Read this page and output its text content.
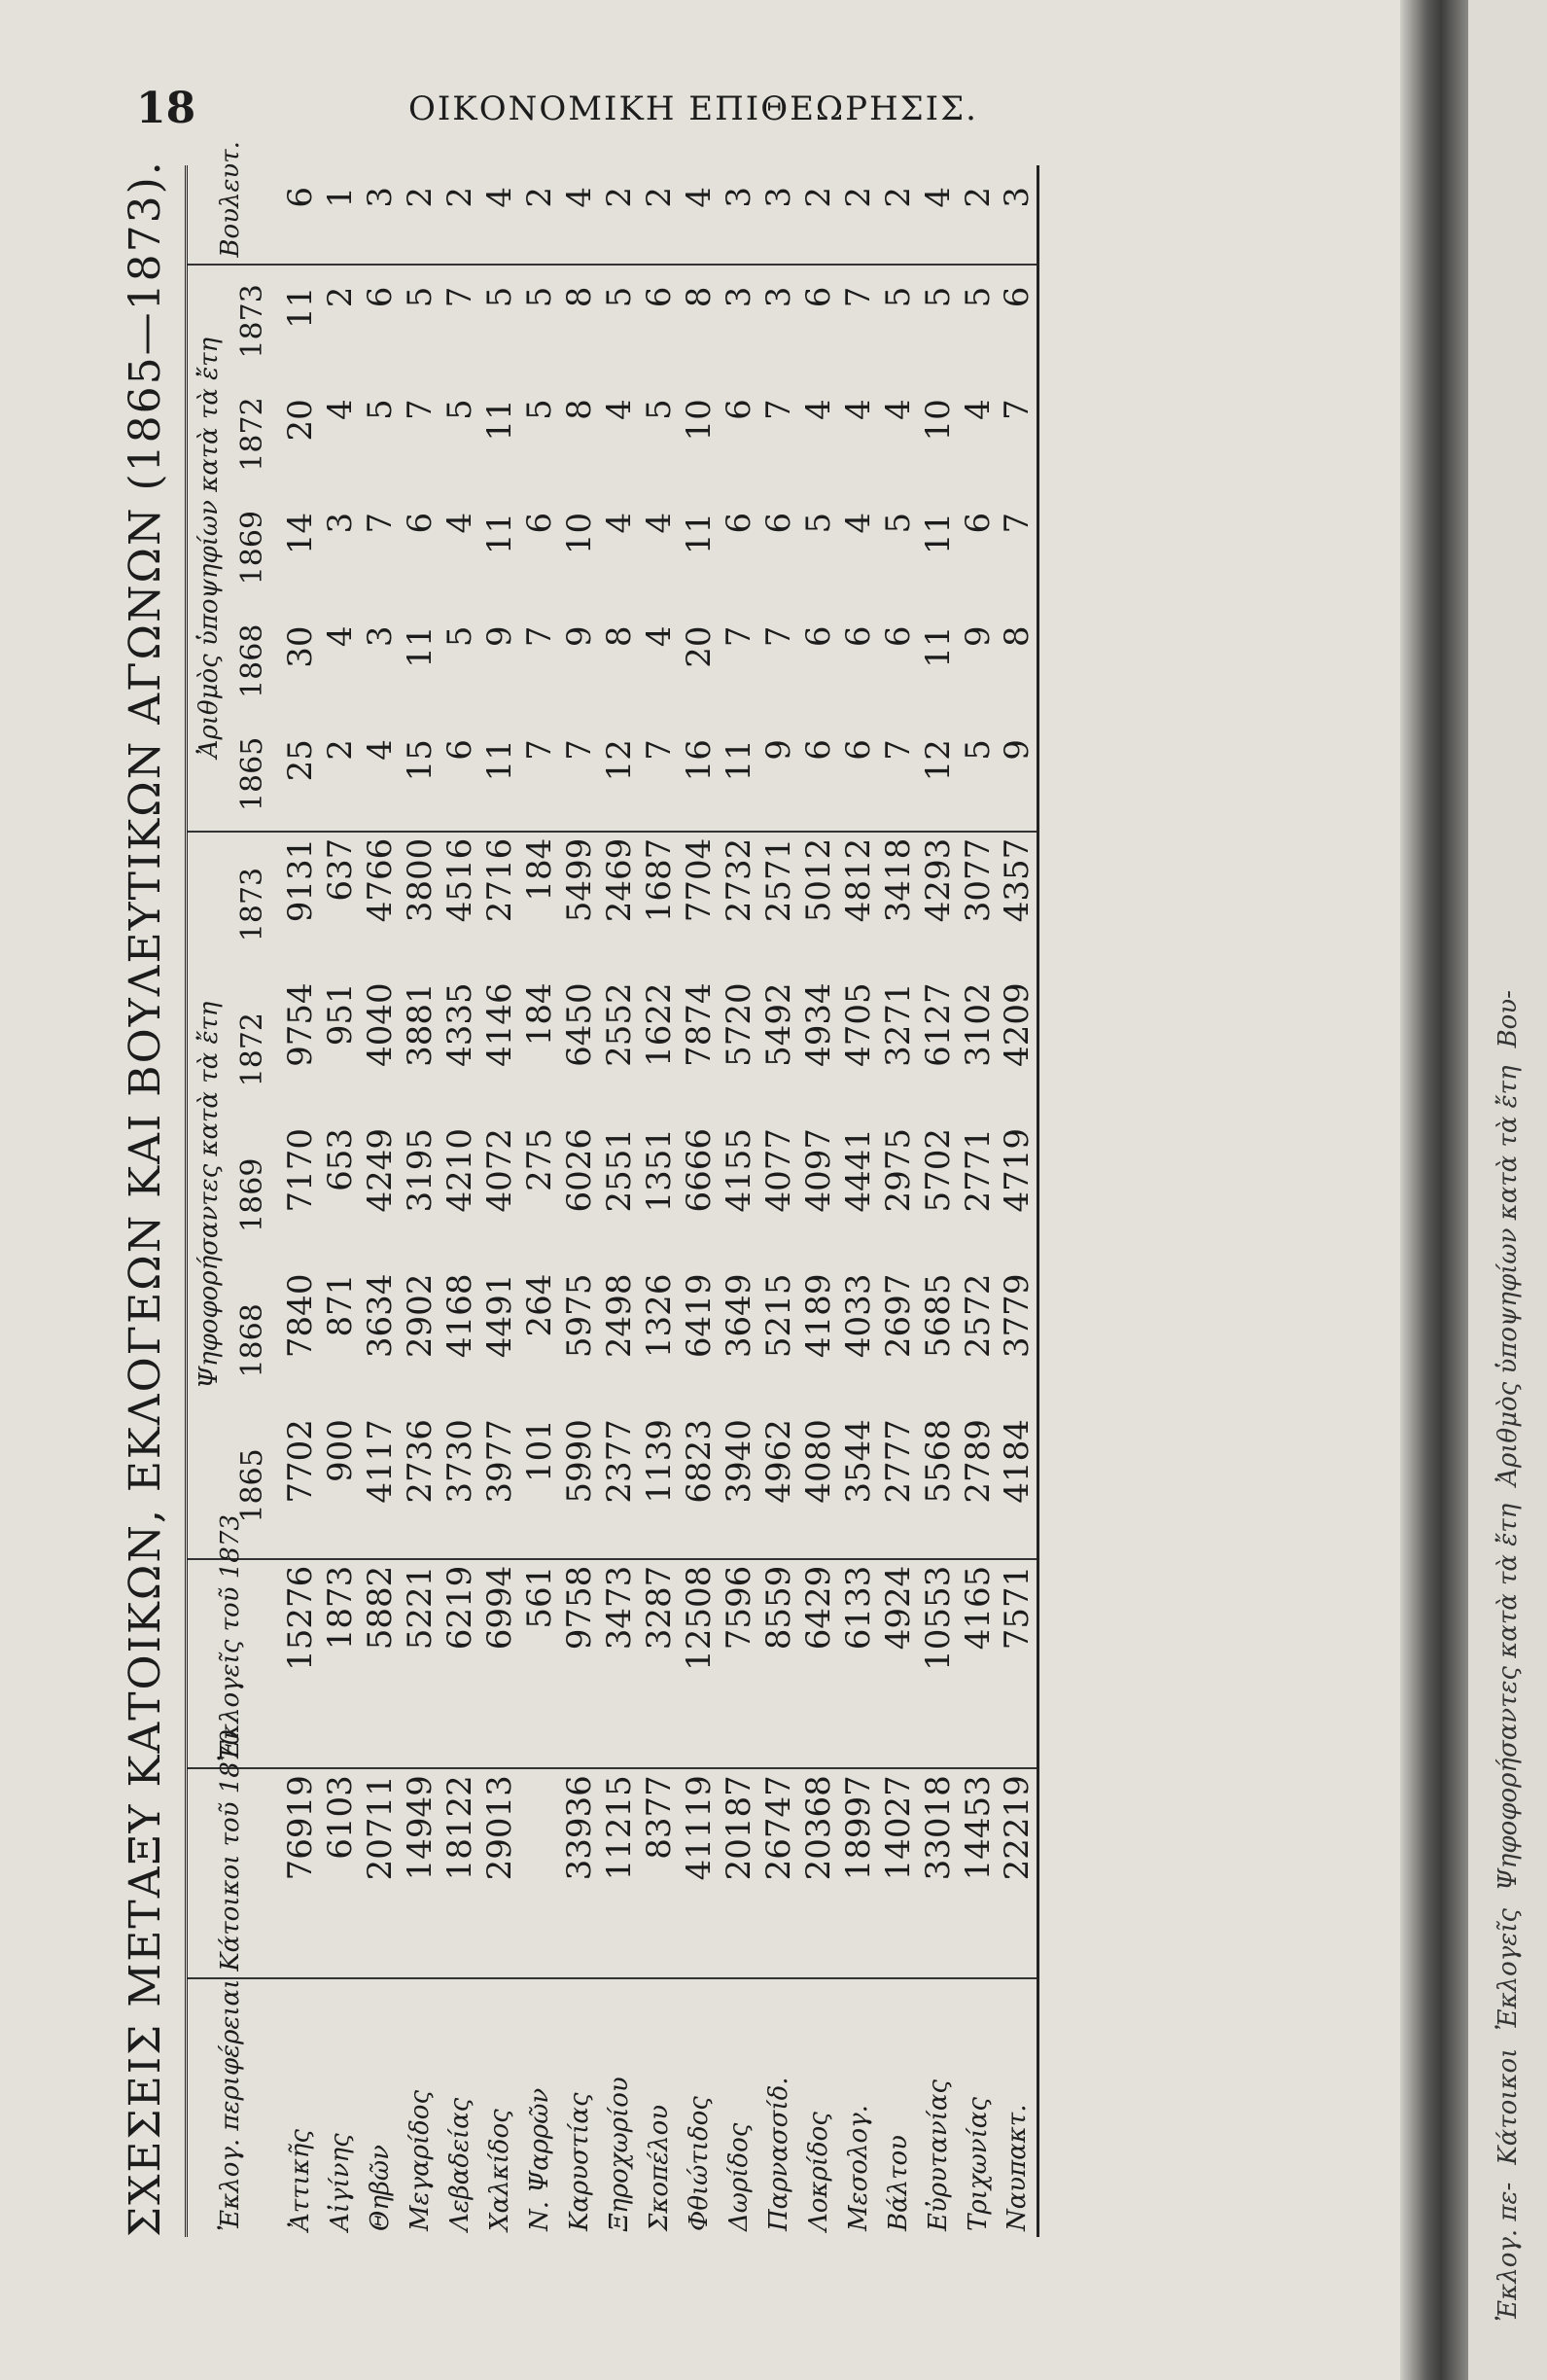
18	ΟΙΚΟΝΟΜΙΚΗ ΕΠΙΘΕΩΡΗΣΙΣ.
ΣΧΕΣΕΙΣ ΜΕΤΑΞΥ ΚΑΤΟΙΚΩΝ, ΕΚΛΟΓΕΩΝ ΚΑΙ ΒΟΥΛΕΥΤΙΚΩΝ ΑΓΩΝΩΝ (1865—1873).	Ἐκλογ. περιφέρειαι	Κάτοικοι τοῦ 1870	Ἐκλογεῖς τοῦ 1873	Ψηφοφορήσαντες κατὰ τὰ ἔτη					Ἀριθμὸς ὑποψηφίων κατὰ τὰ ἔτη					Βουλευτ.
			1865	1868	1869	1872	1873	1865	1868	1869	1872	1873	
Ἀττικῆς	76919	15276	7702	7840	7170	9754	9131	25	30	14	20	11	6
Αἰγίνης	6103	1873	900	871	653	951	637	2	4	3	4	2	1
Θηβῶν	20711	5882	4117	3634	4249	4040	4766	4	3	7	5	6	3
Μεγαρίδος	14949	5221	2736	2902	3195	3881	3800	15	11	6	7	5	2
Λεβαδείας	18122	6219	3730	4168	4210	4335	4516	6	5	4	5	7	2
Χαλκίδος	29013	6994	3977	4491	4072	4146	2716	11	9	11	11	5	4
Ν. Ψαρρῶν		561	101	264	275	184	184	7	7	6	5	5	2
Καρυστίας	33936	9758	5990	5975	6026	6450	5499	7	9	10	8	8	4
Ξηροχωρίου	11215	3473	2377	2498	2551	2552	2469	12	8	4	4	5	2
Σκοπέλου	8377	3287	1139	1326	1351	1622	1687	7	4	4	5	6	2
Φθιώτιδος	41119	12508	6823	6419	6666	7874	7704	16	20	11	10	8	4
Δωρίδος	20187	7596	3940	3649	4155	5720	2732	11	7	6	6	3	3
Παρνασσίδ.	26747	8559	4962	5215	4077	5492	2571	9	7	6	7	3	3
Λοκρίδος	20368	6429	4080	4189	4097	4934	5012	6	6	5	4	6	2
Μεσολογ.	18997	6133	3544	4033	4441	4705	4812	6	6	4	4	7	2
Βάλτου	14027	4924	2777	2697	2975	3271	3418	7	6	5	4	5	2
Εὐρυτανίας	33018	10553	5568	5685	5702	6127	4293	12	11	11	10	5	4
Τριχωνίας	14453	4165	2789	2572	2771	3102	3077	5	9	6	4	5	2
Ναυπακτ.	22219	7571	4184	3779	4719	4209	4357	9	8	7	7	6	3
Ἐκλογ. πε-
Κάτοικοι
Ἐκλογεῖς
Ψηφοφορήσαντες κατὰ τὰ ἔτη
Ἀριθμὸς ὑποψηφίων κατὰ τὰ ἔτη
Βου-
